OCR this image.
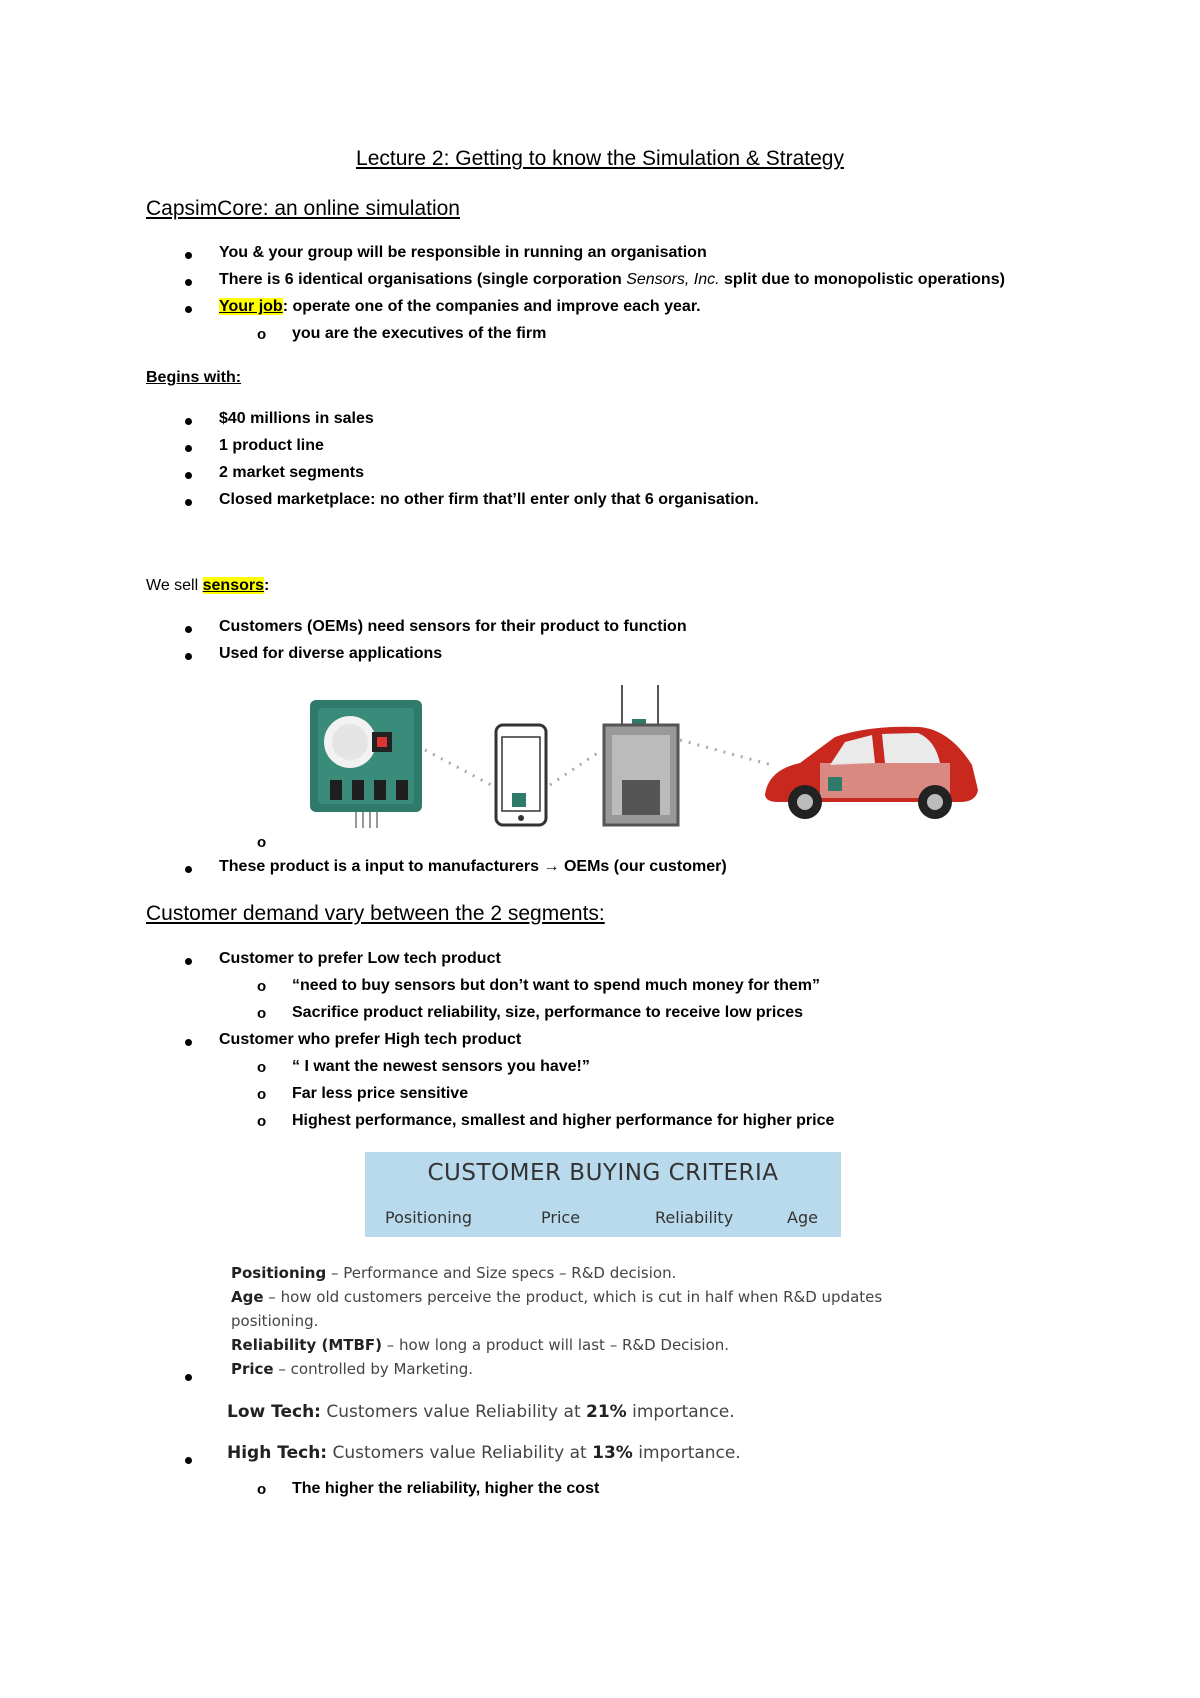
Lecture 2: Getting to know the Simulation & Strategy
CapsimCore: an online simulation
You & your group will be responsible in running an organisation
There is 6 identical organisations (single corporation Sensors, Inc. split due to monopolistic operations)
Your job: operate one of the companies and improve each year.
o you are the executives of the firm
Begins with:
$40 millions in sales
1 product line
2 market segments
Closed marketplace: no other firm that’ll enter only that 6 organisation.
We sell sensors:
Customers (OEMs) need sensors for their product to function
Used for diverse applications
o
These product is a input to manufacturers → OEMs (our customer)
Customer demand vary between the 2 segments:
Customer to prefer Low tech product
o “need to buy sensors but don’t want to spend much money for them”
o Sacrifice product reliability, size, performance to receive low prices
Customer who prefer High tech product
o “ I want the newest sensors you have!”
o Far less price sensitive
o Highest performance, smallest and higher performance for higher price
CUSTOMER BUYING CRITERIA
Positioning	Price	Reliability	Age
Positioning – Performance and Size specs – R&D decision.
Age – how old customers perceive the product, which is cut in half when R&D updates
positioning.
Reliability (MTBF) – how long a product will last – R&D Decision.
Price – controlled by Marketing.
Low Tech: Customers value Reliability at 21% importance.
High Tech: Customers value Reliability at 13% importance.
o The higher the reliability, higher the cost
